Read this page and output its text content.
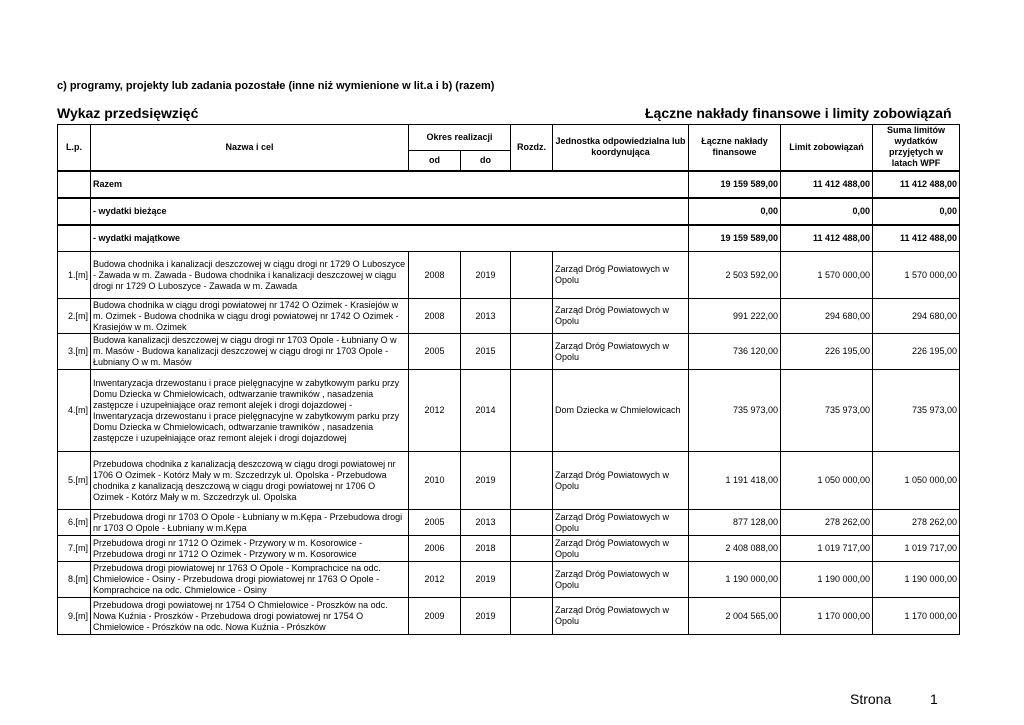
c) programy, projekty lub zadania pozostałe (inne niż wymienione w lit.a i b) (razem)
Wykaz przedsięwzięć	Łączne nakłady finansowe i limity zobowiązań
L.p.	Nazwa i cel	Okres realizacji		Rozdz.	Jednostka odpowiedzialna lub koordynująca	Łączne nakłady finansowe	Limit zobowiązań	Suma limitów wydatków przyjętych w latach WPF
		od	do					
	Razem					19 159 589,00	11 412 488,00	11 412 488,00
	- wydatki bieżące					0,00	0,00	0,00
	- wydatki majątkowe					19 159 589,00	11 412 488,00	11 412 488,00
1.[m]	Budowa chodnika i kanalizacji deszczowej w ciągu drogi nr 1729 O Luboszyce - Zawada w m. Zawada - Budowa chodnika i kanalizacji deszczowej w ciągu drogi nr 1729 O Luboszyce - Zawada w m. Zawada	2008	2019		Zarząd Dróg Powiatowych w Opolu	2 503 592,00	1 570 000,00	1 570 000,00
2.[m]	Budowa chodnika w ciągu drogi powiatowej nr 1742 O Ozimek - Krasiejów w m. Ozimek - Budowa chodnika w ciągu drogi powiatowej nr 1742 O Ozimek - Krasiejów w m. Ozimek	2008	2013		Zarząd Dróg Powiatowych w Opolu	991 222,00	294 680,00	294 680,00
3.[m]	Budowa kanalizacji deszczowej w ciągu drogi nr 1703 Opole - Łubniany O w m. Masów - Budowa kanalizacji deszczowej w ciągu drogi nr 1703 Opole - Łubniany O w m. Masów	2005	2015		Zarząd Dróg Powiatowych w Opolu	736 120,00	226 195,00	226 195,00
4.[m]	Inwentaryzacja drzewostanu i prace pielęgnacyjne w zabytkowym parku przy Domu Dziecka w Chmielowicach, odtwarzanie trawników , nasadzenia zastępcze i uzupełniające oraz remont alejek i drogi dojazdowej - Inwentaryzacja drzewostanu i prace pielęgnacyjne w zabytkowym parku przy Domu Dziecka w Chmielowicach, odtwarzanie trawników , nasadzenia zastępcze i uzupełniające oraz remont alejek i drogi dojazdowej	2012	2014		Dom Dziecka w Chmielowicach	735 973,00	735 973,00	735 973,00
5.[m]	Przebudowa chodnika z kanalizacją deszczową w ciągu drogi powiatowej nr 1706 O Ozimek - Kotórz Mały w m. Szczedrzyk ul. Opolska - Przebudowa chodnika z kanalizacją deszczową w ciągu drogi powiatowej nr 1706 O Ozimek - Kotórz Mały w m. Szczedrzyk ul. Opolska	2010	2019		Zarząd Dróg Powiatowych w Opolu	1 191 418,00	1 050 000,00	1 050 000,00
6.[m]	Przebudowa drogi nr 1703 O Opole - Łubniany w m.Kępa - Przebudowa drogi nr 1703 O Opole - Łubniany w m.Kępa	2005	2013		Zarząd Dróg Powiatowych w Opolu	877 128,00	278 262,00	278 262,00
7.[m]	Przebudowa drogi nr 1712 O Ozimek - Przywory w m. Kosorowice - Przebudowa drogi nr 1712 O Ozimek - Przywory w m. Kosorowice	2006	2018		Zarząd Dróg Powiatowych w Opolu	2 408 088,00	1 019 717,00	1 019 717,00
8.[m]	Przebudowa drogi piowiatowej nr 1763 O Opole - Komprachcice na odc. Chmielowice - Osiny - Przebudowa drogi piowiatowej nr 1763 O Opole - Komprachcice na odc. Chmielowice - Osiny	2012	2019		Zarząd Dróg Powiatowych w Opolu	1 190 000,00	1 190 000,00	1 190 000,00
9.[m]	Przebudowa drogi powiatowej nr 1754 O Chmielowice - Proszków na odc. Nowa Kuźnia - Proszków - Przebudowa drogi powiatowej nr 1754 O Chmielowice - Prószków na odc. Nowa Kuźnia - Prószków	2009	2019		Zarząd Dróg Powiatowych w Opolu	2 004 565,00	1 170 000,00	1 170 000,00
Strona	1
